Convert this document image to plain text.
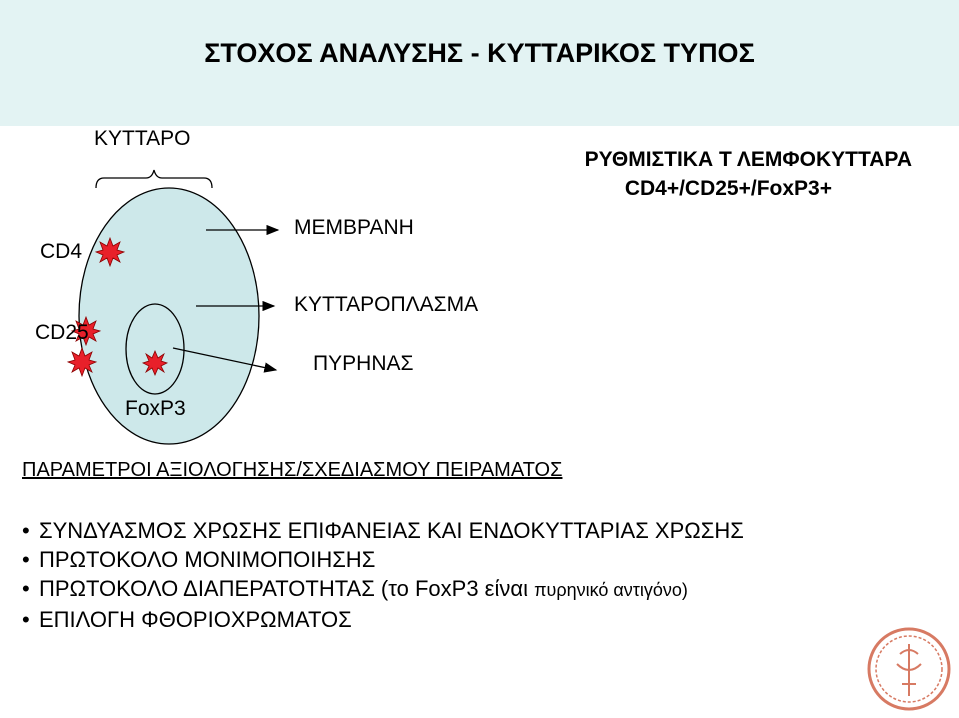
ΣΤΟΧΟΣ ΑΝΑΛΥΣΗΣ - ΚΥΤΤΑΡΙΚΟΣ ΤΥΠΟΣ
ΚΥΤΤΑΡΟ
ΜΕΜΒΡΑΝΗ
ΚΥΤΤΑΡΟΠΛΑΣΜΑ
ΠΥΡΗΝΑΣ
CD4
CD25
FoxP3
ΡΥΘΜΙΣΤΙΚΑ Τ ΛΕΜΦΟΚΥΤΤΑΡΑ
CD4+/CD25+/FoxP3+
ΠΑΡΑΜΕΤΡΟΙ ΑΞΙΟΛΟΓΗΣΗΣ/ΣΧΕΔΙΑΣΜΟΥ ΠΕΙΡΑΜΑΤΟΣ
• ΣΥΝΔΥΑΣΜΟΣ ΧΡΩΣΗΣ ΕΠΙΦΑΝΕΙΑΣ ΚΑΙ ΕΝΔΟΚΥΤΤΑΡΙΑΣ ΧΡΩΣΗΣ
• ΠΡΩΤΟΚΟΛΟ ΜΟΝΙΜΟΠΟΙΗΣΗΣ
• ΠΡΩΤΟΚΟΛΟ ΔΙΑΠΕΡΑΤΟΤΗΤΑΣ (το FoxP3 είναι πυρηνικό αντιγόνο)
• ΕΠΙΛΟΓΗ ΦΘΟΡΙΟΧΡΩΜΑΤΟΣ
